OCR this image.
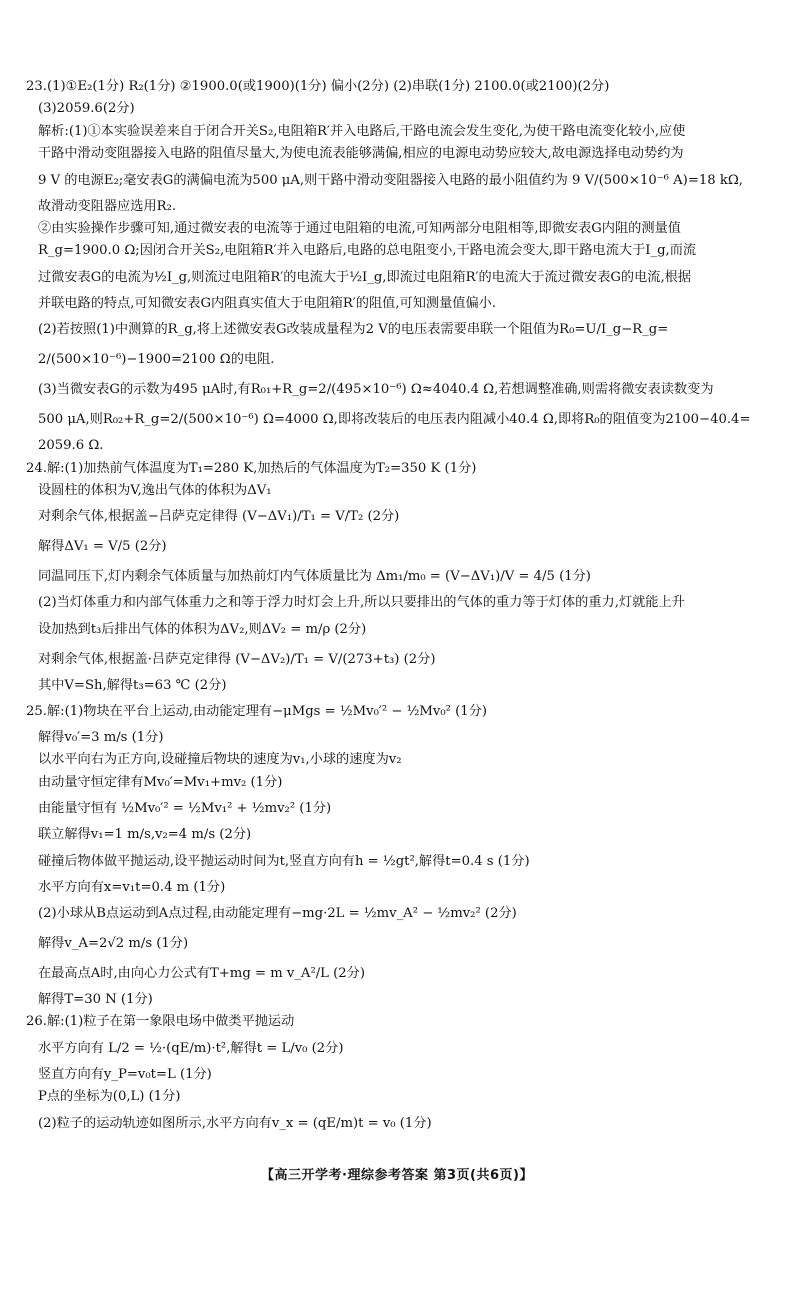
23.(1)①E₂(1分) R₂(1分) ②1900.0(或1900)(1分) 偏小(2分) (2)串联(1分) 2100.0(或2100)(2分)
(3)2059.6(2分)
解析:(1)①本实验误差来自于闭合开关S₂,电阻箱R′并入电路后,干路电流会发生变化,为使干路电流变化较小,应使
干路中滑动变阻器接入电路的阻值尽量大,为使电流表能够满偏,相应的电源电动势应较大,故电源选择电动势约为
9 V 的电源E₂;毫安表G的满偏电流为500 μA,则干路中滑动变阻器接入电路的最小阻值约为 9 V/(500×10⁻⁶ A)=18 kΩ,
故滑动变阻器应选用R₂.
②由实验操作步骤可知,通过微安表的电流等于通过电阻箱的电流,可知两部分电阻相等,即微安表G内阻的测量值
R_g=1900.0 Ω;因闭合开关S₂,电阻箱R′并入电路后,电路的总电阻变小,干路电流会变大,即干路电流大于I_g,而流
过微安表G的电流为½I_g,则流过电阻箱R′的电流大于½I_g,即流过电阻箱R′的电流大于流过微安表G的电流,根据
并联电路的特点,可知微安表G内阻真实值大于电阻箱R′的阻值,可知测量值偏小.
(2)若按照(1)中测算的R_g,将上述微安表G改装成量程为2 V的电压表需要串联一个阻值为R₀=U/I_g−R_g=
2/(500×10⁻⁶)−1900=2100 Ω的电阻.
(3)当微安表G的示数为495 μA时,有R₀₁+R_g=2/(495×10⁻⁶) Ω≈4040.4 Ω,若想调整准确,则需将微安表读数变为
500 μA,则R₀₂+R_g=2/(500×10⁻⁶) Ω=4000 Ω,即将改装后的电压表内阻减小40.4 Ω,即将R₀的阻值变为2100−40.4=
2059.6 Ω.
24.解:(1)加热前气体温度为T₁=280 K,加热后的气体温度为T₂=350 K (1分)
设圆柱的体积为V,逸出气体的体积为ΔV₁
对剩余气体,根据盖−吕萨克定律得 (V−ΔV₁)/T₁ = V/T₂ (2分)
解得ΔV₁ = V/5 (2分)
同温同压下,灯内剩余气体质量与加热前灯内气体质量比为 Δm₁/m₀ = (V−ΔV₁)/V = 4/5 (1分)
(2)当灯体重力和内部气体重力之和等于浮力时灯会上升,所以只要排出的气体的重力等于灯体的重力,灯就能上升
设加热到t₃后排出气体的体积为ΔV₂,则ΔV₂ = m/ρ (2分)
对剩余气体,根据盖·吕萨克定律得 (V−ΔV₂)/T₁ = V/(273+t₃) (2分)
其中V=Sh,解得t₃=63 ℃ (2分)
25.解:(1)物块在平台上运动,由动能定理有−μMgs = ½Mv₀′² − ½Mv₀² (1分)
解得v₀′=3 m/s (1分)
以水平向右为正方向,设碰撞后物块的速度为v₁,小球的速度为v₂
由动量守恒定律有Mv₀′=Mv₁+mv₂ (1分)
由能量守恒有 ½Mv₀′² = ½Mv₁² + ½mv₂² (1分)
联立解得v₁=1 m/s,v₂=4 m/s (2分)
碰撞后物体做平抛运动,设平抛运动时间为t,竖直方向有h = ½gt²,解得t=0.4 s (1分)
水平方向有x=v₁t=0.4 m (1分)
(2)小球从B点运动到A点过程,由动能定理有−mg·2L = ½mv_A² − ½mv₂² (2分)
解得v_A=2√2 m/s (1分)
在最高点A时,由向心力公式有T+mg = m v_A²/L (2分)
解得T=30 N (1分)
26.解:(1)粒子在第一象限电场中做类平抛运动
水平方向有 L/2 = ½·(qE/m)·t²,解得t = L/v₀ (2分)
竖直方向有y_P=v₀t=L (1分)
P点的坐标为(0,L) (1分)
(2)粒子的运动轨迹如图所示,水平方向有v_x = (qE/m)t = v₀ (1分)
【高三开学考·理综参考答案 第3页(共6页)】
